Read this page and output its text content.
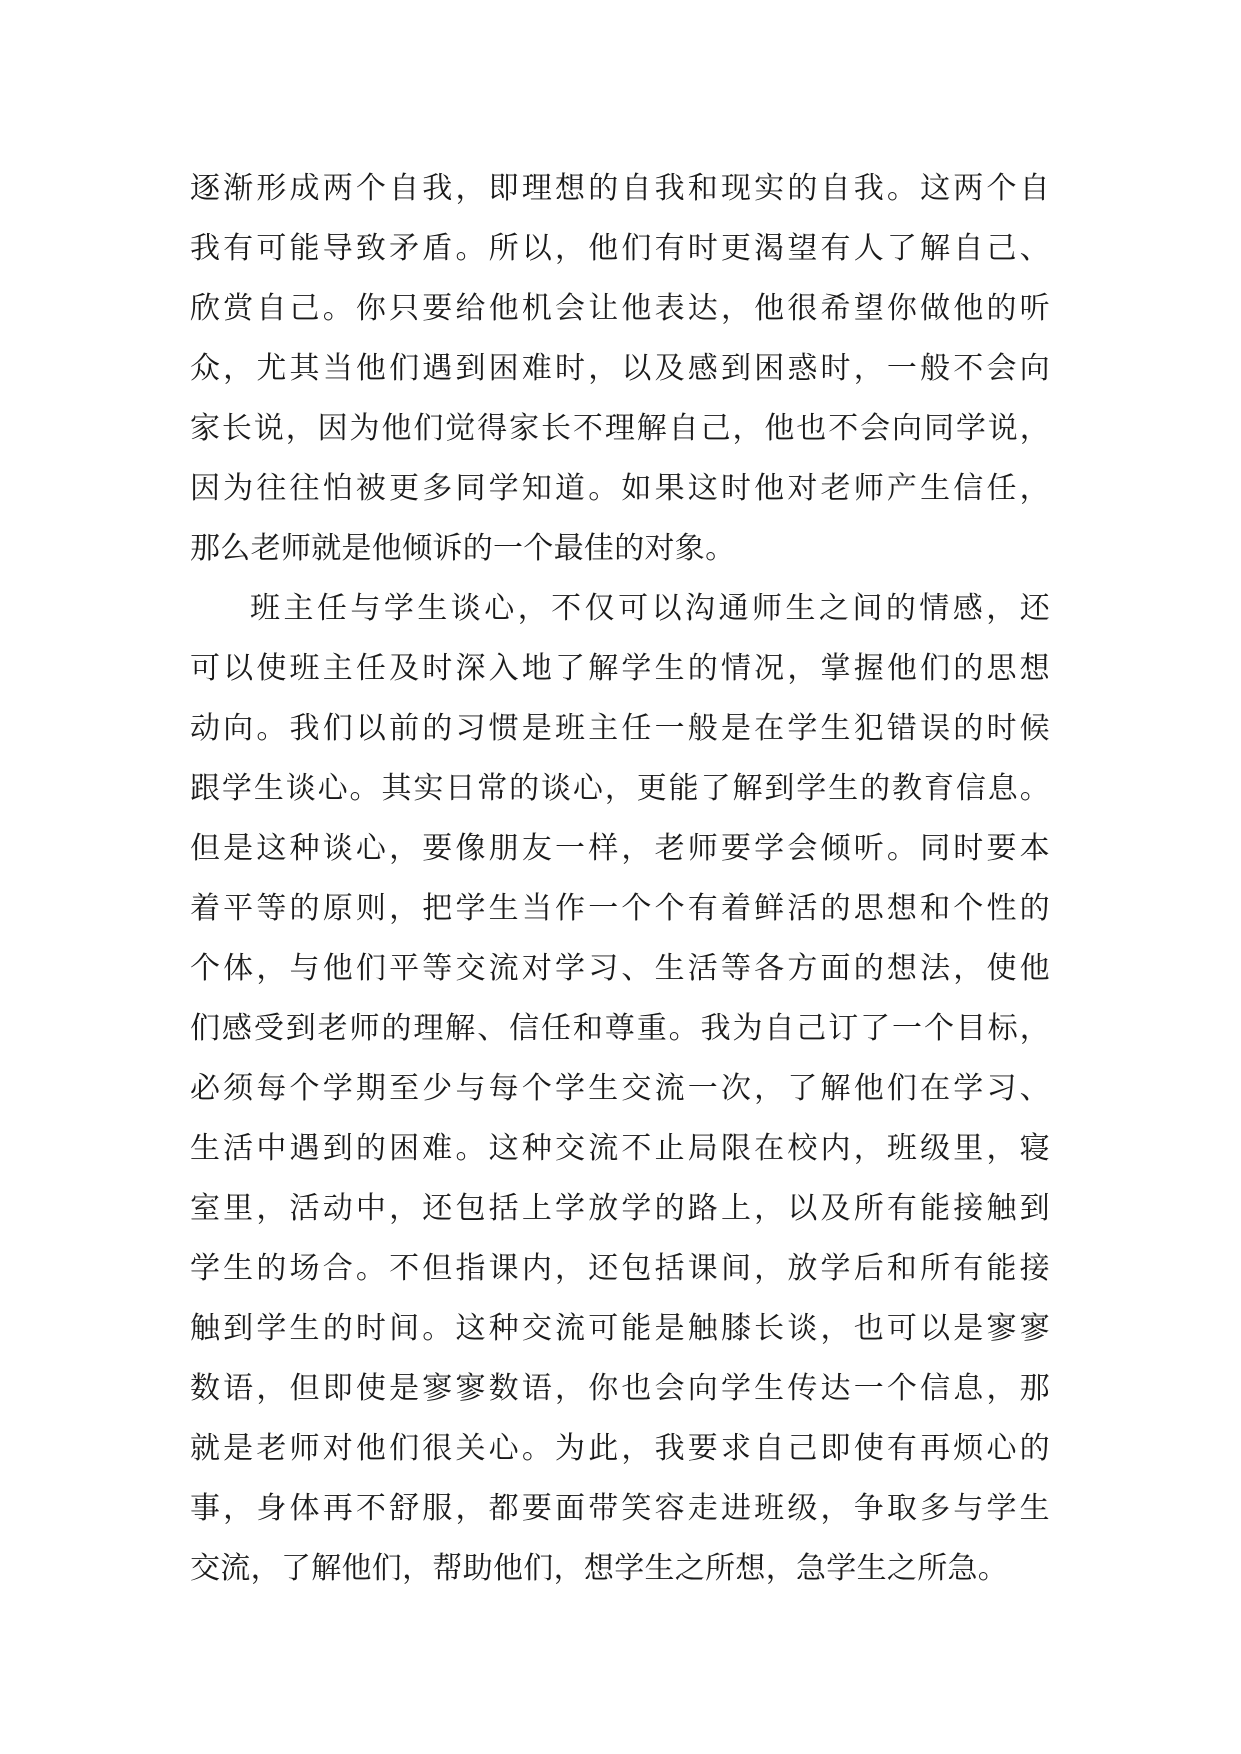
逐渐形成两个自我，即理想的自我和现实的自我。这两个自
我有可能导致矛盾。所以，他们有时更渴望有人了解自己、
欣赏自己。你只要给他机会让他表达，他很希望你做他的听
众，尤其当他们遇到困难时，以及感到困惑时，一般不会向
家长说，因为他们觉得家长不理解自己，他也不会向同学说，
因为往往怕被更多同学知道。如果这时他对老师产生信任，
那么老师就是他倾诉的一个最佳的对象。
班主任与学生谈心，不仅可以沟通师生之间的情感，还
可以使班主任及时深入地了解学生的情况，掌握他们的思想
动向。我们以前的习惯是班主任一般是在学生犯错误的时候
跟学生谈心。其实日常的谈心，更能了解到学生的教育信息。
但是这种谈心，要像朋友一样，老师要学会倾听。同时要本
着平等的原则，把学生当作一个个有着鲜活的思想和个性的
个体，与他们平等交流对学习、生活等各方面的想法，使他
们感受到老师的理解、信任和尊重。我为自己订了一个目标，
必须每个学期至少与每个学生交流一次，了解他们在学习、
生活中遇到的困难。这种交流不止局限在校内，班级里，寝
室里，活动中，还包括上学放学的路上，以及所有能接触到
学生的场合。不但指课内，还包括课间，放学后和所有能接
触到学生的时间。这种交流可能是触膝长谈，也可以是寥寥
数语，但即使是寥寥数语，你也会向学生传达一个信息，那
就是老师对他们很关心。为此，我要求自己即使有再烦心的
事，身体再不舒服，都要面带笑容走进班级，争取多与学生
交流，了解他们，帮助他们，想学生之所想，急学生之所急。
